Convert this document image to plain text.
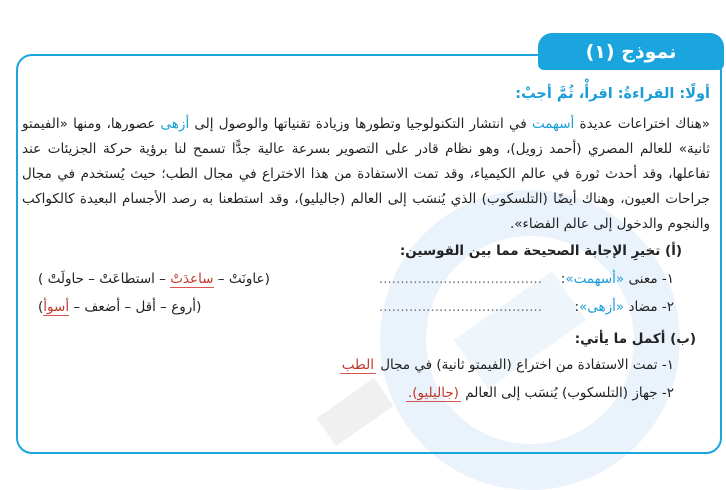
نموذج (١)
أولًا: القراءةُ: اقرأْ، ثُمَّ أجبْ:

«هناك اختراعات عديدة أسهمت في انتشار التكنولوجيا وتطورها وزيادة تقنياتها والوصول إلى أزهى عصورها، ومنها «الفيمتو ثانية» للعالم المصري (أحمد زويل)، وهو نظام قادر على التصوير بسرعة عالية جدًّا تسمح لنا برؤية حركة الجزيئات عند تفاعلها، وقد أحدث ثورة في عالم الكيمياء، وقد تمت الاستفادة من هذا الاختراع في مجال الطب؛ حيث يُستخدم في مجال جراحات العيون، وهناك أيضًا (التلسكوب) الذي يُنسَب إلى العالم (جاليليو)، وقد استطعنا به رصد الأجسام البعيدة كالكواكب والنجوم والدخول إلى عالم الفضاء».

(أ) تخيرِ الإجابة الصحيحة مما بين القوسين:
١- معنى «أسهمت»:
......................................
(عاونَتْ – ساعدَتْ – استطاعَتْ – حاولَتْ )
٢- مضاد «أزهى»:
......................................
(أروع – أقل – أضعف – أسوأ)
(ب) أكمل ما يأتي:
١- تمت الاستفادة من اختراع (الفيمتو ثانية) في مجال الطب
٢- جهاز (التلسكوب) يُنسَب إلى العالم (جاليليو).
